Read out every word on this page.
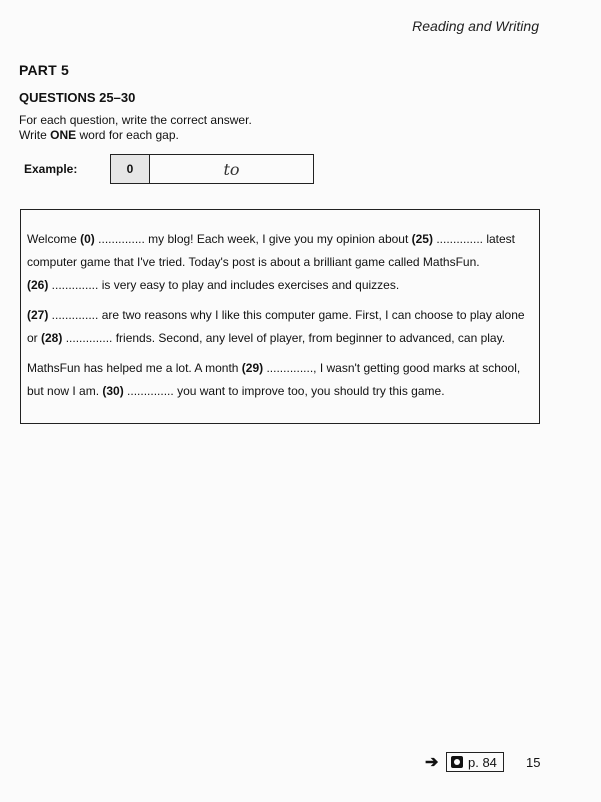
Reading and Writing
PART 5
QUESTIONS 25–30
For each question, write the correct answer.
Write ONE word for each gap.
Example:	0	to

Welcome (0) .............. my blog! Each week, I give you my opinion about (25) .............. latest computer game that I've tried. Today's post is about a brilliant game called MathsFun.
(26) .............. is very easy to play and includes exercises and quizzes.

(27) .............. are two reasons why I like this computer game. First, I can choose to play alone or (28) .............. friends. Second, any level of player, from beginner to advanced, can play.

MathsFun has helped me a lot. A month (29) .............., I wasn't getting good marks at school, but now I am. (30) .............. you want to improve too, you should try this game.

➔ p. 84 15
